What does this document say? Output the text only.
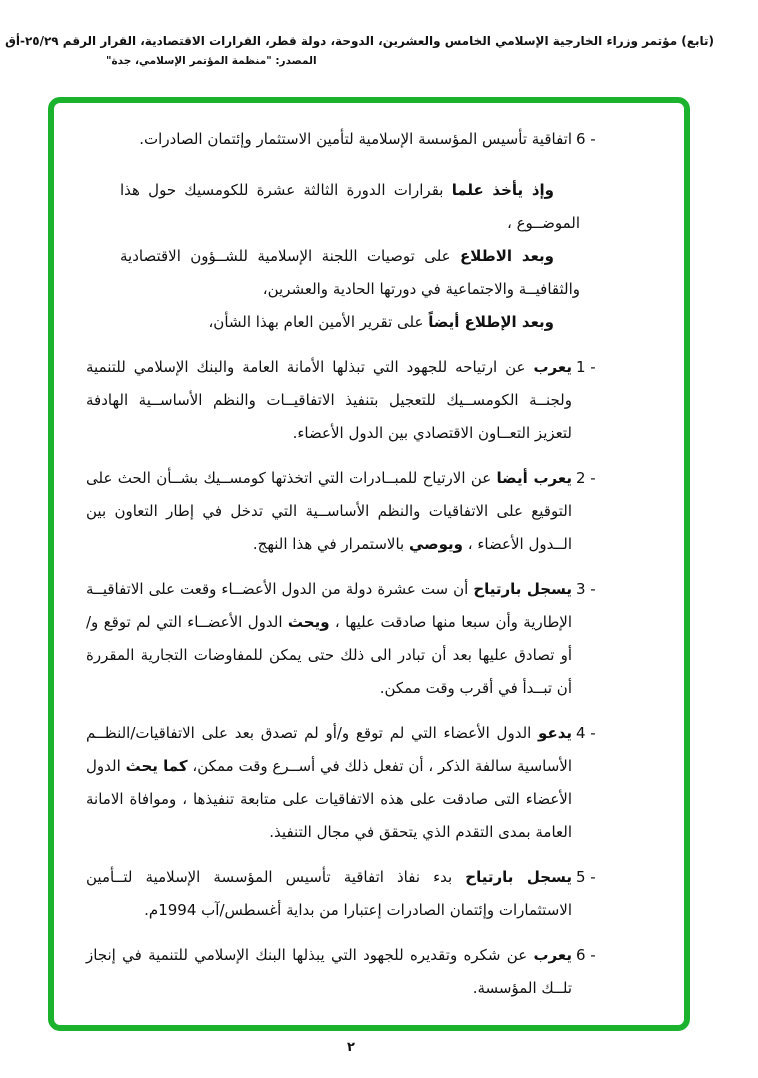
(تابع) مؤتمر وزراء الخارجية الإسلامي الخامس والعشرين، الدوحة، دولة قطر، القرارات الاقتصادية، القرار الرقم ٢٥/٢٩-أق
المصدر: "منظمة المؤتمر الإسلامي، جدة"
6 -
اتفاقية تأسيس المؤسسة الإسلامية لتأمين الاستثمار وإئتمان الصادرات.
وإذ يأخذ علما بقرارات الدورة الثالثة عشرة للكومسيك حول هذا الموضــوع ،
وبعد الاطلاع على توصيات اللجنة الإسلامية للشــؤون الاقتصادية والثقافيــة والاجتماعية في دورتها الحادية والعشرين،
وبعد الإطلاع أيضاً على تقرير الأمين العام بهذا الشأن،
1 -
يعرب عن ارتياحه للجهود التي تبذلها الأمانة العامة والبنك الإسلامي للتنمية ولجنــة الكومســيك للتعجيل بتنفيذ الاتفاقيــات والنظم الأساســية الهادفة لتعزيز التعــاون الاقتصادي بين الدول الأعضاء.
2 -
يعرب أيضا عن الارتياح للمبــادرات التي اتخذتها كومســيك بشــأن الحث على التوقيع على الاتفاقيات والنظم الأساســية التي تدخل في إطار التعاون بين الــدول الأعضاء ، ويوصي بالاستمرار في هذا النهج.
3 -
يسجل بارتياح أن ست عشرة دولة من الدول الأعضــاء وقعت على الاتفاقيــة الإطارية وأن سبعا منها صادقت عليها ، ويحث الدول الأعضــاء التي لم توقع و/أو تصادق عليها بعد أن تبادر الى ذلك حتى يمكن للمفاوضات التجارية المقررة أن تبــدأ في أقرب وقت ممكن.
4 -
يدعو الدول الأعضاء التي لم توقع و/أو لم تصدق بعد على الاتفاقيات/النظــم الأساسية سالفة الذكر ، أن تفعل ذلك في أســرع وقت ممكن، كما يحث الدول الأعضاء التى صادقت على هذه الاتفاقيات على متابعة تنفيذها ، وموافاة الامانة العامة بمدى التقدم الذي يتحقق في مجال التنفيذ.
5 -
يسجل بارتياح بدء نفاذ اتفاقية تأسيس المؤسسة الإسلامية لتــأمين الاستثمارات وإئتمان الصادرات إعتبارا من بداية أغسطس/آب 1994م.
6 -
يعرب عن شكره وتقديره للجهود التي يبذلها البنك الإسلامي للتنمية في إنجاز تلــك المؤسسة.
٢
